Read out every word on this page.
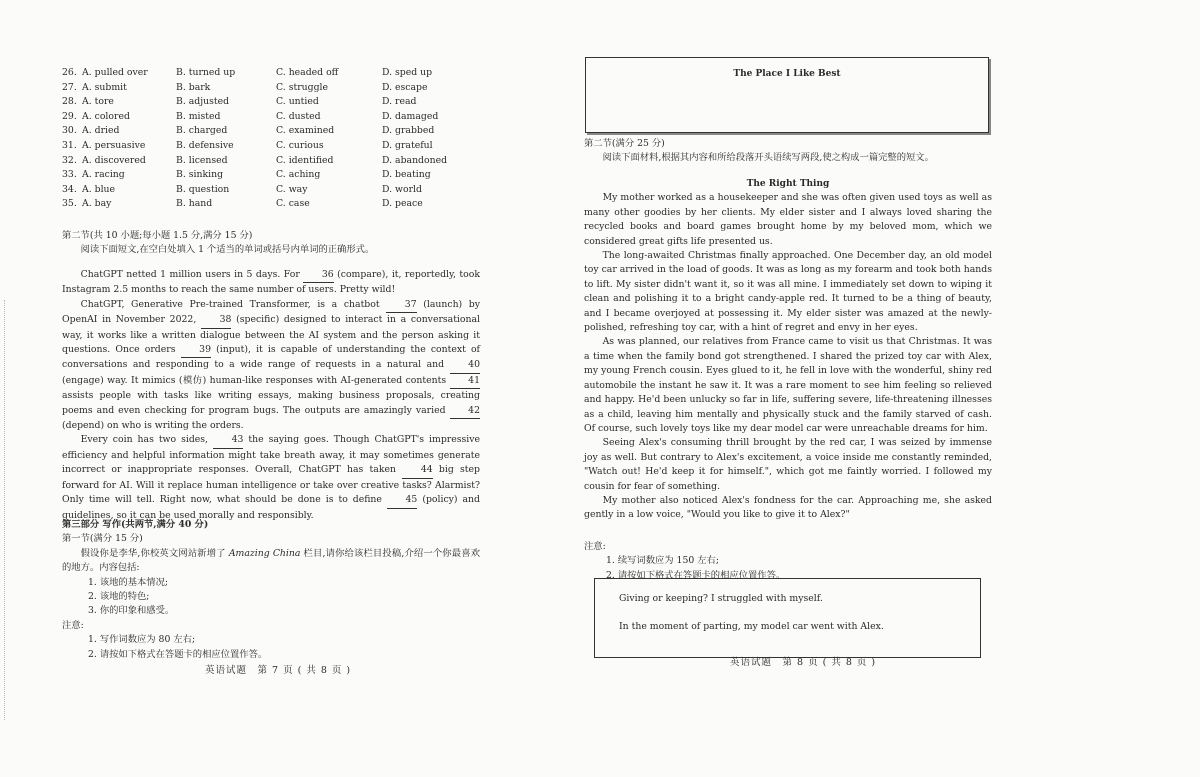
26. A. pulled over	B. turned up	C. headed off	D. sped up
27. A. submit	B. bark	C. struggle	D. escape
28. A. tore	B. adjusted	C. untied	D. read
29. A. colored	B. misted	C. dusted	D. damaged
30. A. dried	B. charged	C. examined	D. grabbed
31. A. persuasive	B. defensive	C. curious	D. grateful
32. A. discovered	B. licensed	C. identified	D. abandoned
33. A. racing	B. sinking	C. aching	D. beating
34. A. blue	B. question	C. way	D. world
35. A. bay	B. hand	C. case	D. peace

第二节(共 10 小题;每小题 1.5 分,满分 15 分)

阅读下面短文,在空白处填入 1 个适当的单词或括号内单词的正确形式。

ChatGPT netted 1 million users in 5 days. For 36 (compare), it, reportedly, took Instagram 2.5 months to reach the same number of users. Pretty wild!

ChatGPT, Generative Pre-trained Transformer, is a chatbot 37 (launch) by OpenAI in November 2022, 38 (specific) designed to interact in a conversational way, it works like a written dialogue between the AI system and the person asking it questions. Once orders 39 (input), it is capable of understanding the context of conversations and responding to a wide range of requests in a natural and 40 (engage) way. It mimics (模仿) human-like responses with AI-generated contents 41 assists people with tasks like writing essays, making business proposals, creating poems and even checking for program bugs. The outputs are amazingly varied 42 (depend) on who is writing the orders.

Every coin has two sides, 43 the saying goes. Though ChatGPT's impressive efficiency and helpful information might take breath away, it may sometimes generate incorrect or inappropriate responses. Overall, ChatGPT has taken 44 big step forward for AI. Will it replace human intelligence or take over creative tasks? Alarmist? Only time will tell. Right now, what should be done is to define 45 (policy) and guidelines, so it can be used morally and responsibly.

第三部分 写作(共两节,满分 40 分)

第一节(满分 15 分)

假设你是李华,你校英文网站新增了 Amazing China 栏目,请你给该栏目投稿,介绍一个你最喜欢的地方。内容包括:

1. 该地的基本情况;

2. 该地的特色;

3. 你的印象和感受。

注意:

1. 写作词数应为 80 左右;

2. 请按如下格式在答题卡的相应位置作答。

英语试题　第 7 页 ( 共 8 页 )
The Place I Like Best

第二节(满分 25 分)

阅读下面材料,根据其内容和所给段落开头语续写两段,使之构成一篇完整的短文。

The Right Thing

My mother worked as a housekeeper and she was often given used toys as well as many other goodies by her clients. My elder sister and I always loved sharing the recycled books and board games brought home by my beloved mom, which we considered great gifts life presented us.

The long-awaited Christmas finally approached. One December day, an old model toy car arrived in the load of goods. It was as long as my forearm and took both hands to lift. My sister didn't want it, so it was all mine. I immediately set down to wiping it clean and polishing it to a bright candy-apple red. It turned to be a thing of beauty, and I became overjoyed at possessing it. My elder sister was amazed at the newly-polished, refreshing toy car, with a hint of regret and envy in her eyes.

As was planned, our relatives from France came to visit us that Christmas. It was a time when the family bond got strengthened. I shared the prized toy car with Alex, my young French cousin. Eyes glued to it, he fell in love with the wonderful, shiny red automobile the instant he saw it. It was a rare moment to see him feeling so relieved and happy. He'd been unlucky so far in life, suffering severe, life-threatening illnesses as a child, leaving him mentally and physically stuck and the family starved of cash. Of course, such lovely toys like my dear model car were unreachable dreams for him.

Seeing Alex's consuming thrill brought by the red car, I was seized by immense joy as well. But contrary to Alex's excitement, a voice inside me constantly reminded, "Watch out! He'd keep it for himself.", which got me faintly worried. I followed my cousin for fear of something.

My mother also noticed Alex's fondness for the car. Approaching me, she asked gently in a low voice, "Would you like to give it to Alex?"

注意:

1. 续写词数应为 150 左右;

2. 请按如下格式在答题卡的相应位置作答。

Giving or keeping? I struggled with myself.

In the moment of parting, my model car went with Alex.

英语试题　第 8 页 ( 共 8 页 )
